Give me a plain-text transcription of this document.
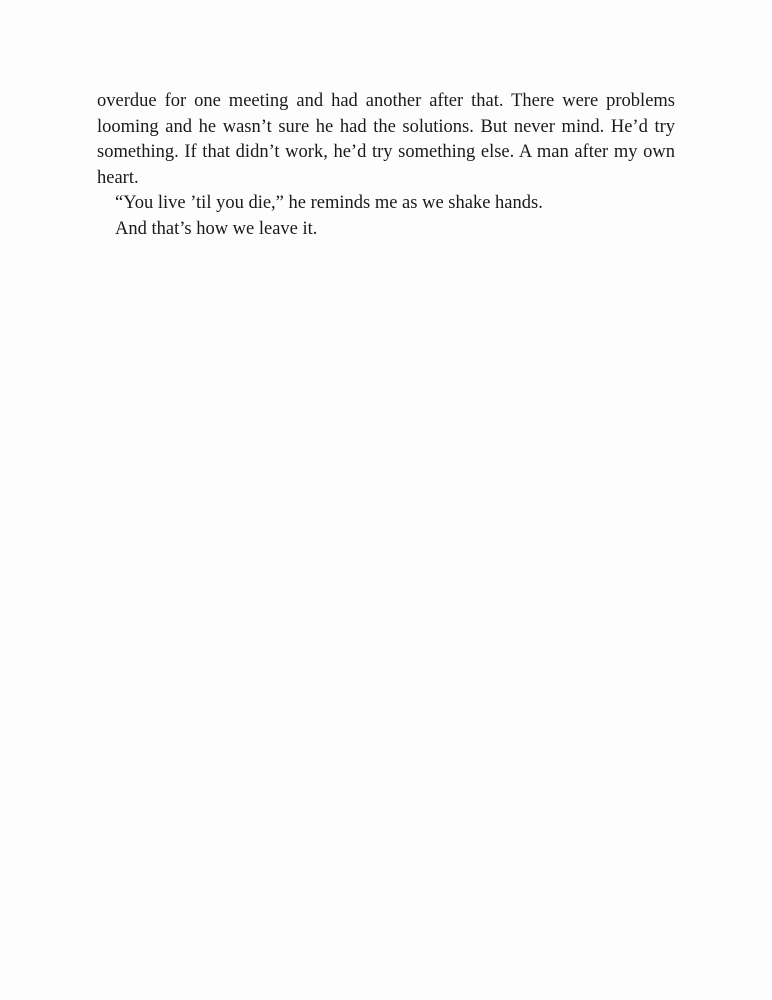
overdue for one meeting and had another after that. There were problems looming and he wasn’t sure he had the solutions. But never mind. He’d try something. If that didn’t work, he’d try something else. A man after my own heart.

“You live ’til you die,” he reminds me as we shake hands.

And that’s how we leave it.
